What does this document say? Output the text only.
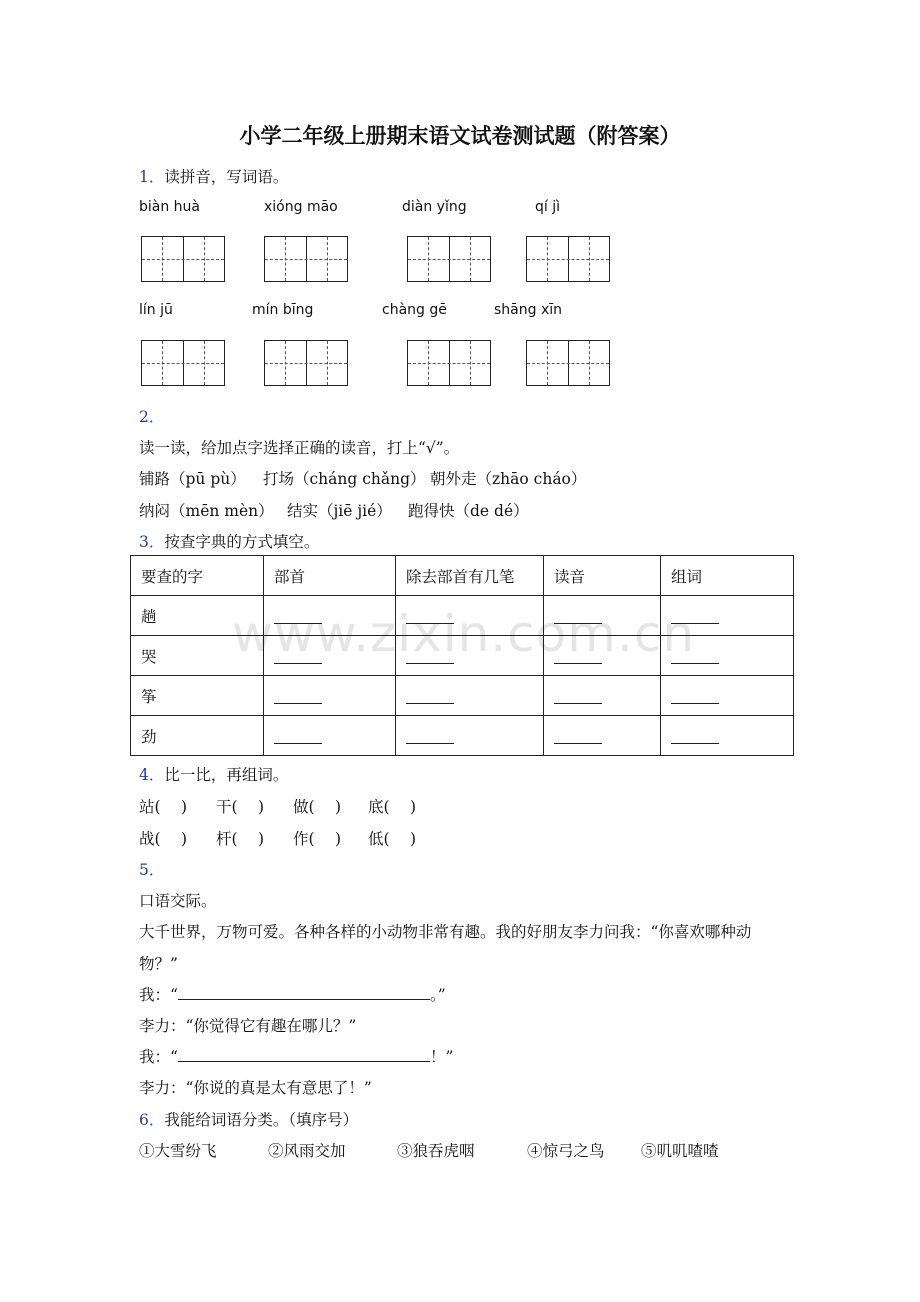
小学二年级上册期末语文试卷测试题（附答案）
1．读拼音，写词语。
biàn huà	xióng māo	diàn yǐng	qí jì
lín jū	mín bīng	chàng gē	shāng xīn
2．
读一读，给加点字选择正确的读音，打上“√”。
铺路（pū pù） 打场（cháng chǎng） 朝外走（zhāo cháo）
纳闷（mēn mèn） 结实（jiē jié） 跑得快（de dé）
3．按查字典的方式填空。
要查的字	部首	除去部首有几笔	读音	组词
趟				
哭				
筝				
劲				
www.zixin.com.cn
4．比一比，再组词。
站(　 ) 干(　 ) 做(　 ) 底(　 )
战(　 ) 杆(　 ) 作(　 ) 低(　 )
5．
口语交际。
大千世界，万物可爱。各种各样的小动物非常有趣。我的好朋友李力问我：“你喜欢哪种动
物？”
我：“	。”
李力：“你觉得它有趣在哪儿？”
我：“	！”
李力：“你说的真是太有意思了！”
6．我能给词语分类。（填序号）
①大雪纷飞	②风雨交加	③狼吞虎咽	④惊弓之鸟 ⑤叽叽喳喳
